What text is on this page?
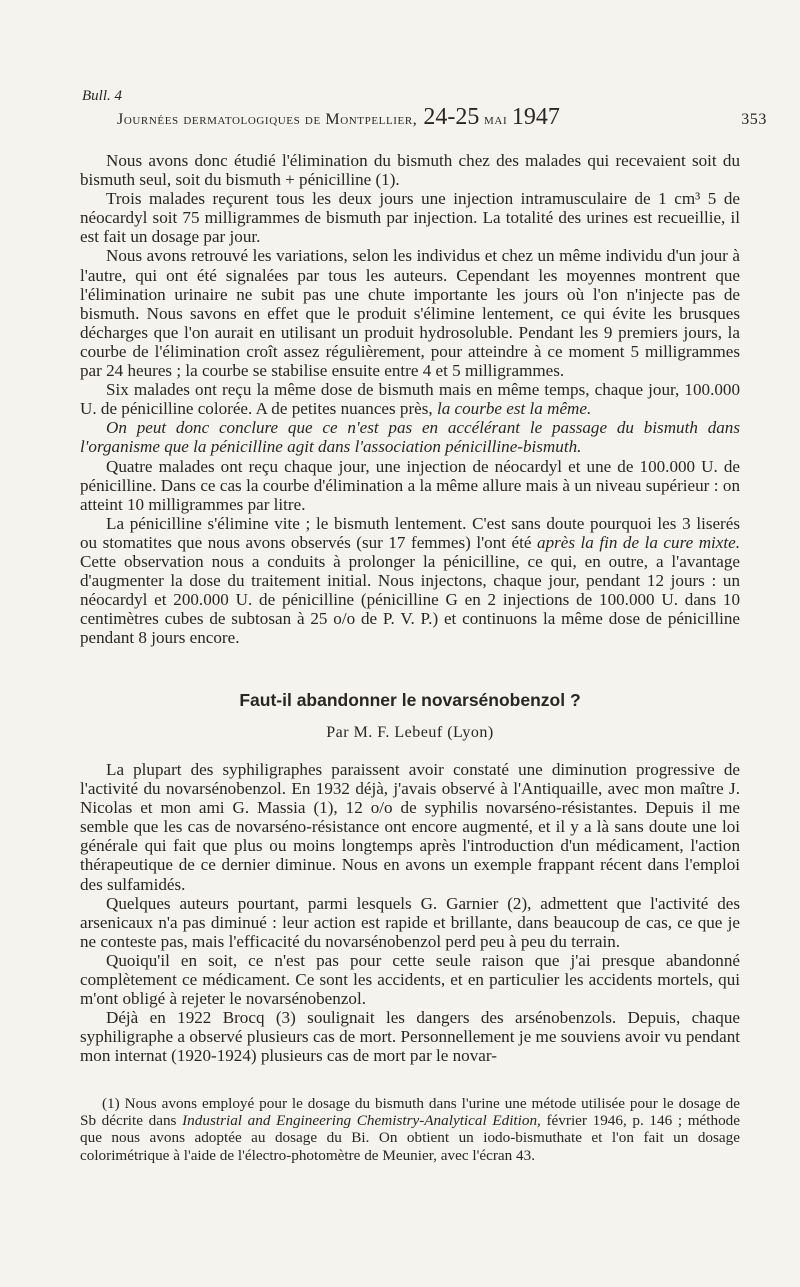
Bull. 4
Journées dermatologiques de Montpellier, 24-25 mai 1947	353

Nous avons donc étudié l'élimination du bismuth chez des malades qui recevaient soit du bismuth seul, soit du bismuth + pénicilline (1).

Trois malades reçurent tous les deux jours une injection intramusculaire de 1 cm³ 5 de néocardyl soit 75 milligrammes de bismuth par injection. La totalité des urines est recueillie, il est fait un dosage par jour.

Nous avons retrouvé les variations, selon les individus et chez un même individu d'un jour à l'autre, qui ont été signalées par tous les auteurs. Cependant les moyennes montrent que l'élimination urinaire ne subit pas une chute importante les jours où l'on n'injecte pas de bismuth. Nous savons en effet que le produit s'élimine lentement, ce qui évite les brusques décharges que l'on aurait en utilisant un produit hydrosoluble. Pendant les 9 premiers jours, la courbe de l'élimination croît assez régulièrement, pour atteindre à ce moment 5 milligrammes par 24 heures ; la courbe se stabilise ensuite entre 4 et 5 milligrammes.

Six malades ont reçu la même dose de bismuth mais en même temps, chaque jour, 100.000 U. de pénicilline colorée. A de petites nuances près, la courbe est la même.

On peut donc conclure que ce n'est pas en accélérant le passage du bismuth dans l'organisme que la pénicilline agit dans l'association pénicilline-bismuth.

Quatre malades ont reçu chaque jour, une injection de néocardyl et une de 100.000 U. de pénicilline. Dans ce cas la courbe d'élimination a la même allure mais à un niveau supérieur : on atteint 10 milligrammes par litre.

La pénicilline s'élimine vite ; le bismuth lentement. C'est sans doute pourquoi les 3 liserés ou stomatites que nous avons observés (sur 17 femmes) l'ont été après la fin de la cure mixte. Cette observation nous a conduits à prolonger la pénicilline, ce qui, en outre, a l'avantage d'augmenter la dose du traitement initial. Nous injectons, chaque jour, pendant 12 jours : un néocardyl et 200.000 U. de pénicilline (pénicilline G en 2 injections de 100.000 U. dans 10 centimètres cubes de subtosan à 25 o/o de P. V. P.) et continuons la même dose de pénicilline pendant 8 jours encore.

Faut-il abandonner le novarsénobenzol ?
Par M. F. Lebeuf (Lyon)

La plupart des syphiligraphes paraissent avoir constaté une diminution progressive de l'activité du novarsénobenzol. En 1932 déjà, j'avais observé à l'Antiquaille, avec mon maître J. Nicolas et mon ami G. Massia (1), 12 o/o de syphilis novarséno-résistantes. Depuis il me semble que les cas de novarséno-résistance ont encore augmenté, et il y a là sans doute une loi générale qui fait que plus ou moins longtemps après l'introduction d'un médicament, l'action thérapeutique de ce dernier diminue. Nous en avons un exemple frappant récent dans l'emploi des sulfamidés.

Quelques auteurs pourtant, parmi lesquels G. Garnier (2), admettent que l'activité des arsenicaux n'a pas diminué : leur action est rapide et brillante, dans beaucoup de cas, ce que je ne conteste pas, mais l'efficacité du novarsénobenzol perd peu à peu du terrain.

Quoiqu'il en soit, ce n'est pas pour cette seule raison que j'ai presque abandonné complètement ce médicament. Ce sont les accidents, et en particulier les accidents mortels, qui m'ont obligé à rejeter le novarsénobenzol.

Déjà en 1922 Brocq (3) soulignait les dangers des arsénobenzols. Depuis, chaque syphiligraphe a observé plusieurs cas de mort. Personnellement je me souviens avoir vu pendant mon internat (1920-1924) plusieurs cas de mort par le novar-

(1) Nous avons employé pour le dosage du bismuth dans l'urine une métode utilisée pour le dosage de Sb décrite dans Industrial and Engineering Chemistry-Analytical Edition, février 1946, p. 146 ; méthode que nous avons adoptée au dosage du Bi. On obtient un iodo-bismuthate et l'on fait un dosage colorimétrique à l'aide de l'électro-photomètre de Meunier, avec l'écran 43.
